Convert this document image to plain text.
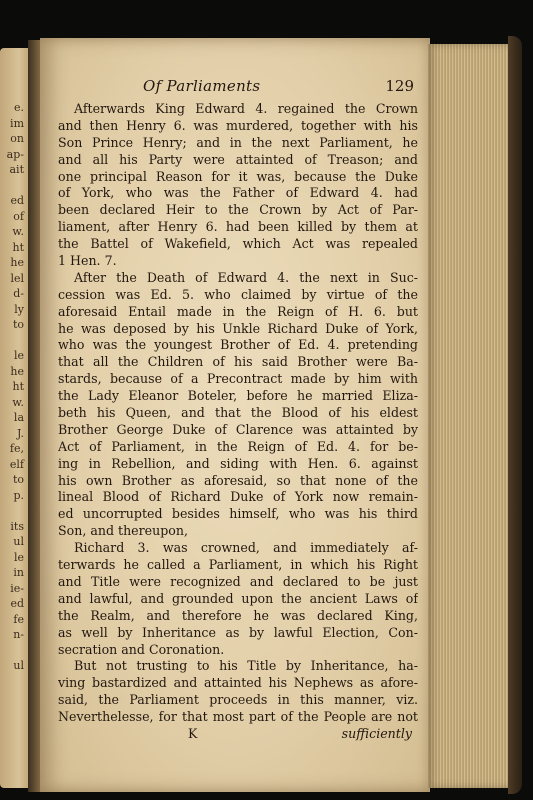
e.
im
on
ap-
ait
ed
of
w.
ht
he
lel
d-
ly
to
le
he
ht
w.
la
J.
fe,
elf
to
p.
its
ul
le
in
ie-
ed
fe
n-
ul
Of Parliaments	129

Afterwards King Edward 4. regained the Crown

and then Henry 6. was murdered, together with his

Son Prince Henry; and in the next Parliament, he

and all his Party were attainted of Treason; and

one principal Reason for it was, because the Duke

of York, who was the Father of Edward 4. had

been declared Heir to the Crown by Act of Par-

liament, after Henry 6. had been killed by them at

the Battel of Wakefield, which Act was repealed

1 Hen. 7.

After the Death of Edward 4. the next in Suc-

cession was Ed. 5. who claimed by virtue of the

aforesaid Entail made in the Reign of H. 6. but

he was deposed by his Unkle Richard Duke of York,

who was the youngest Brother of Ed. 4. pretending

that all the Children of his said Brother were Ba-

stards, because of a Precontract made by him with

the Lady Eleanor Boteler, before he married Eliza-

beth his Queen, and that the Blood of his eldest

Brother George Duke of Clarence was attainted by

Act of Parliament, in the Reign of Ed. 4. for be-

ing in Rebellion, and siding with Hen. 6. against

his own Brother as aforesaid, so that none of the

lineal Blood of Richard Duke of York now remain-

ed uncorrupted besides himself, who was his third

Son, and thereupon,

Richard 3. was crowned, and immediately af-

terwards he called a Parliament, in which his Right

and Title were recognized and declared to be just

and lawful, and grounded upon the ancient Laws of

the Realm, and therefore he was declared King,

as well by Inheritance as by lawful Election, Con-

secration and Coronation.

But not trusting to his Title by Inheritance, ha-

ving bastardized and attainted his Nephews as afore-

said, the Parliament proceeds in this manner, viz.

Neverthelesse, for that most part of the People are not

K	sufficiently
